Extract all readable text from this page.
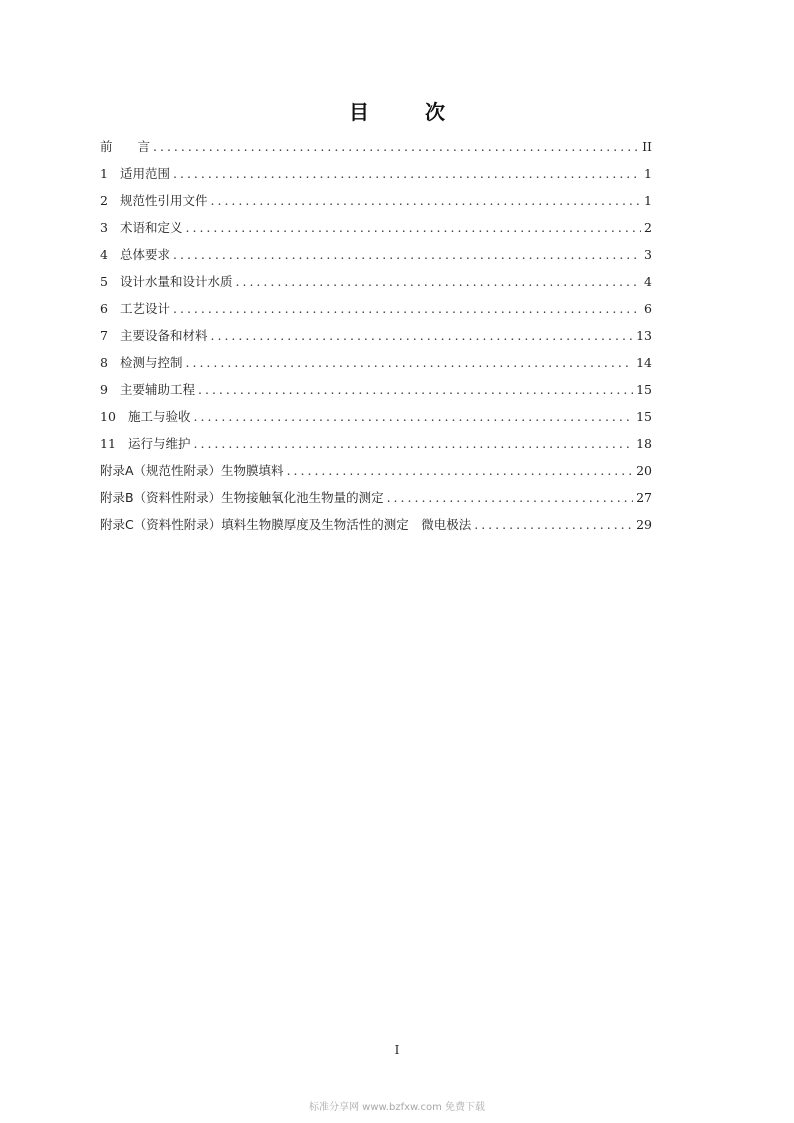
目　次
前　　言 .....	II
1 适用范围 .....	1
2 规范性引用文件 .....	1
3 术语和定义 .....	2
4 总体要求 .....	3
5 设计水量和设计水质 .....	4
6 工艺设计 .....	6
7 主要设备和材料 .....	13
8 检测与控制 .....	14
9 主要辅助工程 .....	15
10 施工与验收 .....	15
11 运行与维护 .....	18
附录A（规范性附录）生物膜填料 .....	20
附录B（资料性附录）生物接触氧化池生物量的测定 .....	27
附录C（资料性附录）填料生物膜厚度及生物活性的测定　微电极法 .....	29
I
标准分享网 www.bzfxw.com 免费下载
